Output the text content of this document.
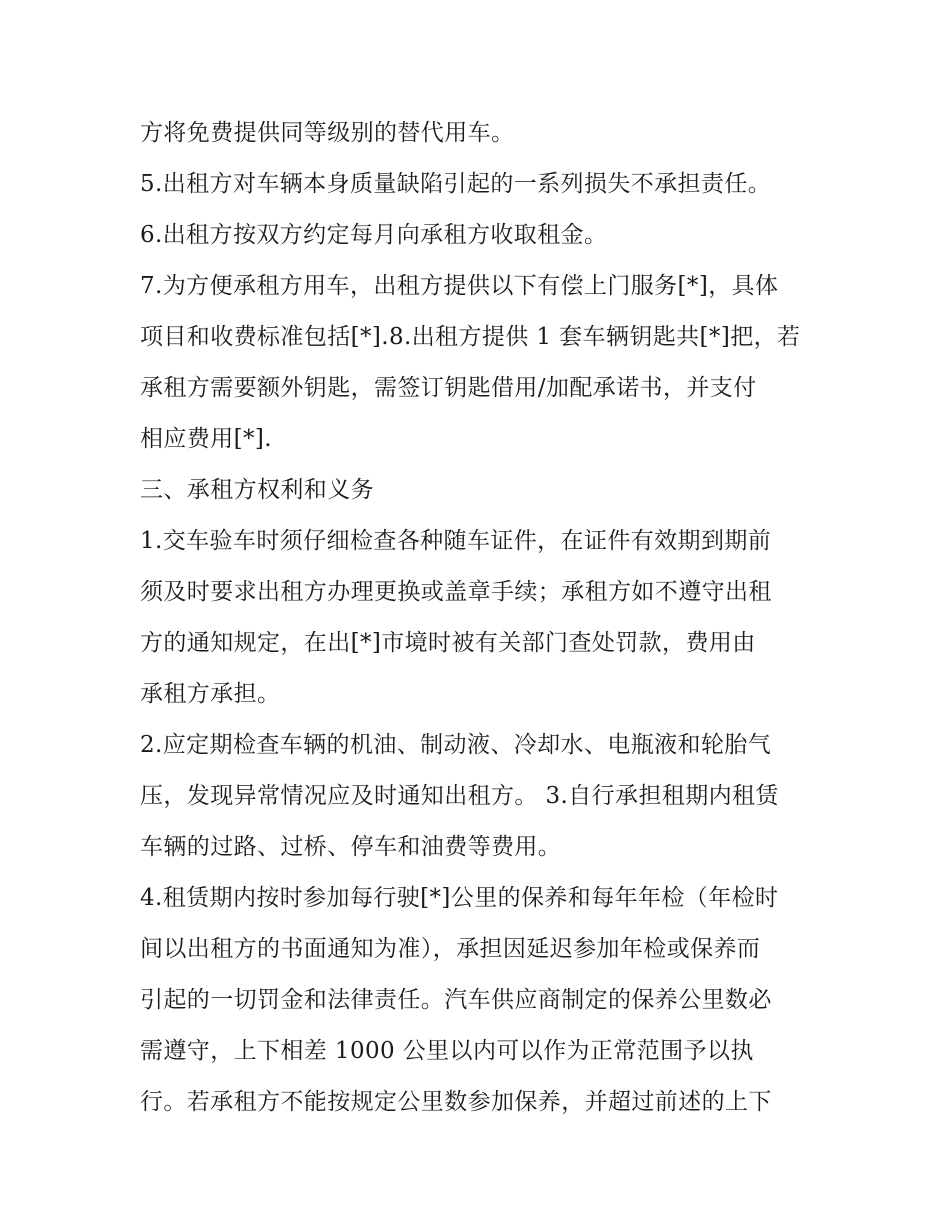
方将免费提供同等级别的替代用车。
5.出租方对车辆本身质量缺陷引起的一系列损失不承担责任。
6.出租方按双方约定每月向承租方收取租金。
7.为方便承租方用车，出租方提供以下有偿上门服务[*]，具体
项目和收费标准包括[*].8.出租方提供 1 套车辆钥匙共[*]把，若
承租方需要额外钥匙，需签订钥匙借用/加配承诺书，并支付
相应费用[*].
三、承租方权利和义务
1.交车验车时须仔细检查各种随车证件，在证件有效期到期前
须及时要求出租方办理更换或盖章手续；承租方如不遵守出租
方的通知规定，在出[*]市境时被有关部门查处罚款，费用由
承租方承担。
2.应定期检查车辆的机油、制动液、冷却水、电瓶液和轮胎气
压，发现异常情况应及时通知出租方。 3.自行承担租期内租赁
车辆的过路、过桥、停车和油费等费用。
4.租赁期内按时参加每行驶[*]公里的保养和每年年检（年检时
间以出租方的书面通知为准），承担因延迟参加年检或保养而
引起的一切罚金和法律责任。汽车供应商制定的保养公里数必
需遵守，上下相差 1000 公里以内可以作为正常范围予以执
行。若承租方不能按规定公里数参加保养，并超过前述的上下
